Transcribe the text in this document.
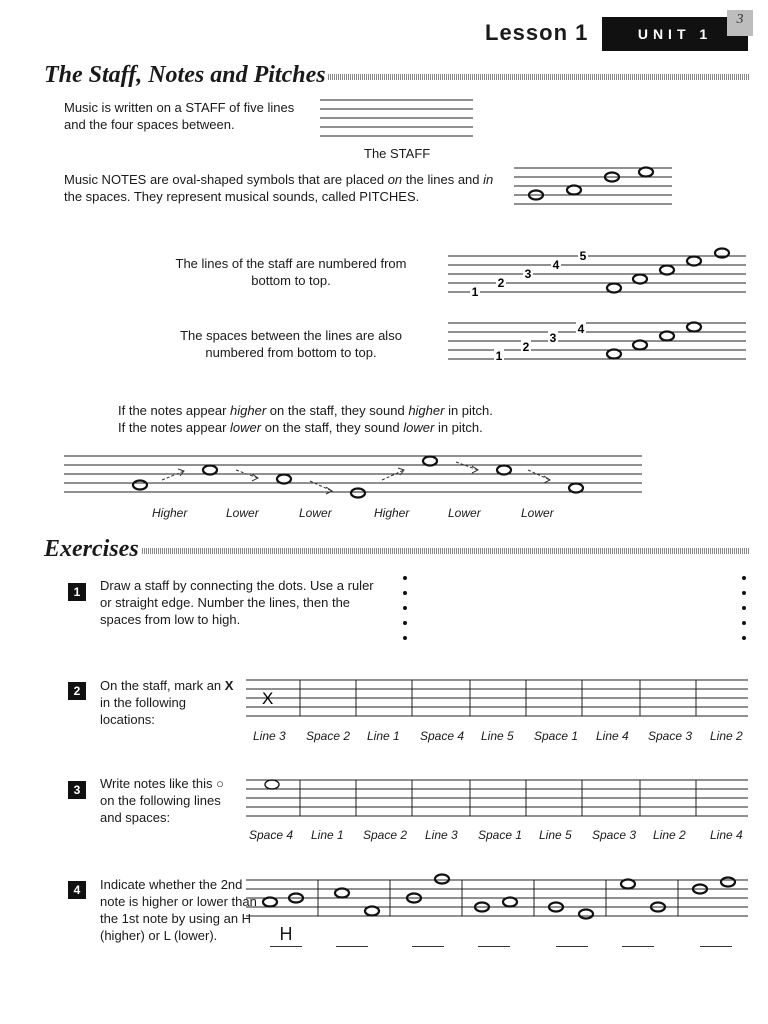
Lesson 1	UNIT 1
3
The Staff, Notes and Pitches
Music is written on a STAFF of five lines and the four spaces between.
The STAFF
Music NOTES are oval-shaped symbols that are placed on the lines and in the spaces. They represent musical sounds, called PITCHES.
The lines of the staff are numbered from bottom to top.
1
2
3
4
5
The spaces between the lines are also numbered from bottom to top.	1
2
3
4
If the notes appear higher on the staff, they sound higher in pitch.
If the notes appear lower on the staff, they sound lower in pitch.
Higher	Lower	Lower	Higher	Lower	Lower
Exercises
1	Draw a staff by connecting the dots. Use a ruler or straight edge. Number the lines, then the spaces from low to high.
2	On the staff, mark an X in the following locations:
X
Line 3 Space 2 Line 1 Space 4 Line 5 Space 1 Line 4 Space 3 Line 2
3	Write notes like this ○ on the following lines and spaces:
Space 4 Line 1 Space 2 Line 3 Space 1 Line 5 Space 3 Line 2 Line 4
4	Indicate whether the 2nd note is higher or lower than the 1st note by using an H (higher) or L (lower).	H
